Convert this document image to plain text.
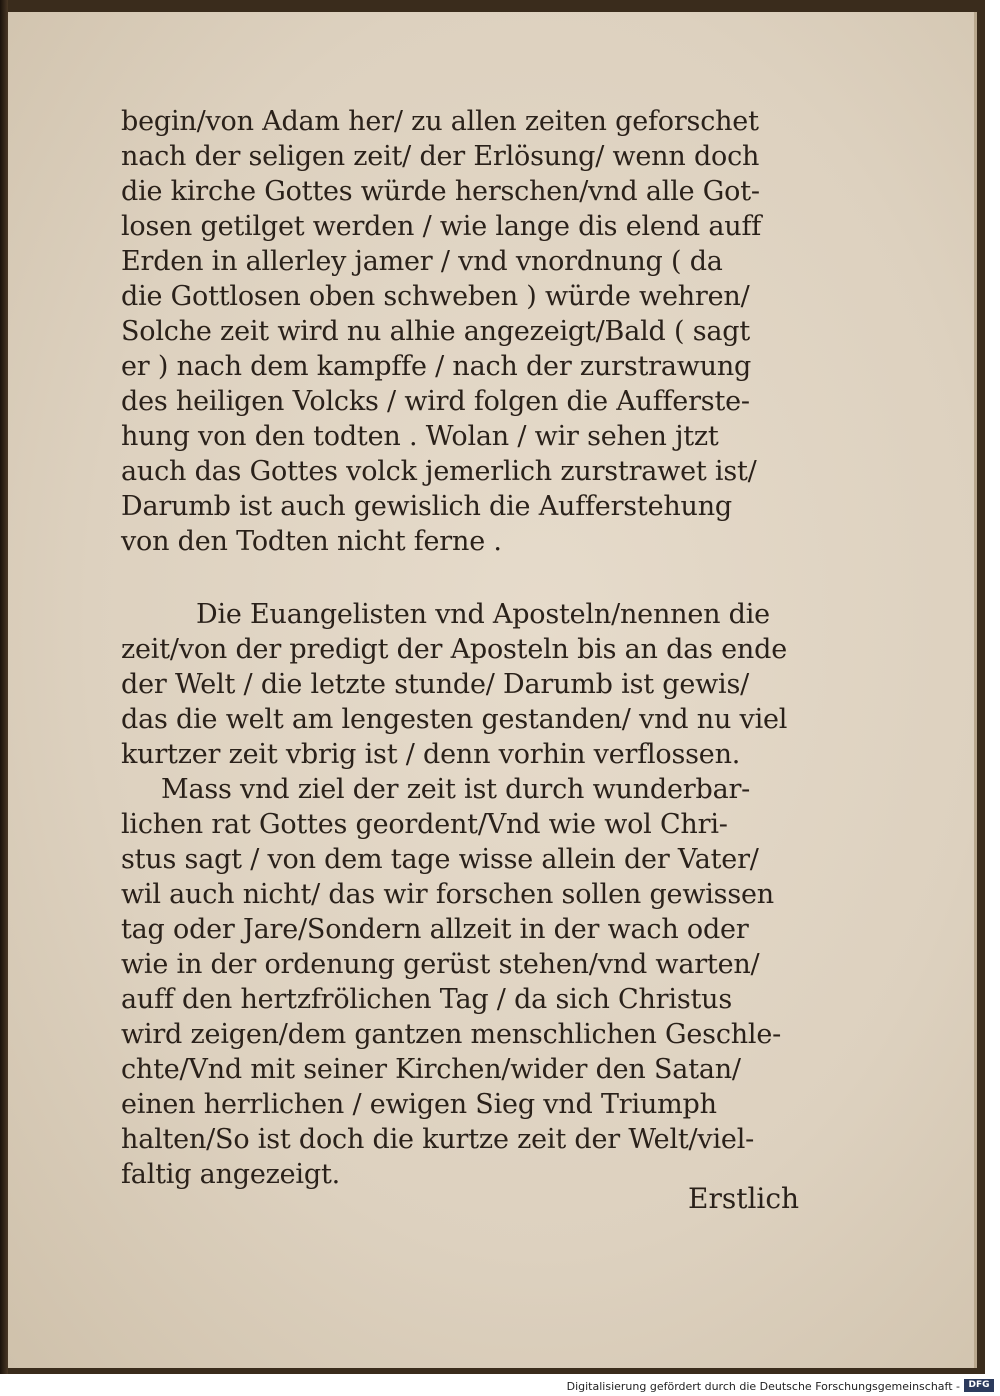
begin/von Adam her/ zu allen zeiten geforschet
nach der seligen zeit/ der Erlösung/ wenn doch
die kirche Gottes würde herschen/vnd alle Got-
losen getilget werden / wie lange dis elend auff
Erden in allerley jamer / vnd vnordnung ( da
die Gottlosen oben schweben ) würde wehren/
Solche zeit wird nu alhie angezeigt/Bald ( sagt
er ) nach dem kampffe / nach der zurstrawung
des heiligen Volcks / wird folgen die Aufferste-
hung von den todten . Wolan / wir sehen jtzt
auch das Gottes volck jemerlich zurstrawet ist/
Darumb ist auch gewislich die Aufferstehung
von den Todten nicht ferne .
Die Euangelisten vnd Aposteln/nennen die
zeit/von der predigt der Aposteln bis an das ende
der Welt / die letzte stunde/ Darumb ist gewis/
das die welt am lengesten gestanden/ vnd nu viel
kurtzer zeit vbrig ist / denn vorhin verflossen.
Mass vnd ziel der zeit ist durch wunderbar-
lichen rat Gottes geordent/Vnd wie wol Chri-
stus sagt / von dem tage wisse allein der Vater/
wil auch nicht/ das wir forschen sollen gewissen
tag oder Jare/Sondern allzeit in der wach oder
wie in der ordenung gerüst stehen/vnd warten/
auff den hertzfrölichen Tag / da sich Christus
wird zeigen/dem gantzen menschlichen Geschle-
chte/Vnd mit seiner Kirchen/wider den Satan/
einen herrlichen / ewigen Sieg vnd Triumph
halten/So ist doch die kurtze zeit der Welt/viel-
faltig angezeigt.
Erstlich
Digitalisierung gefördert durch die Deutsche Forschungsgemeinschaft - DFG
